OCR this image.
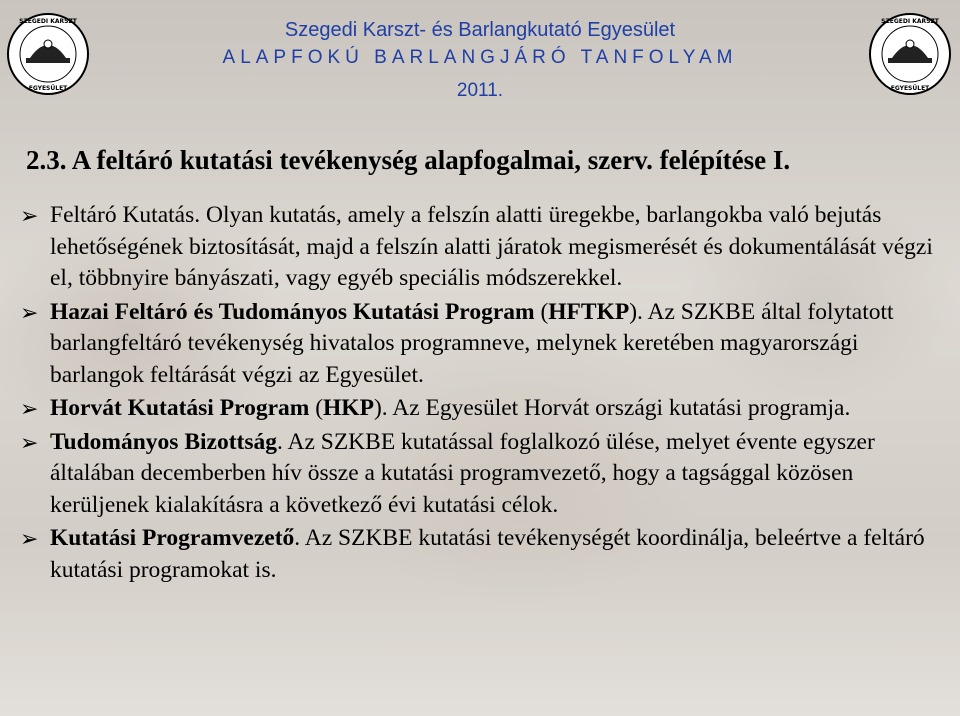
SZEGEDI KARSZT
EGYESÜLET
SZEGEDI KARSZT
EGYESÜLET
Szegedi Karszt- és Barlangkutató Egyesület
ALAPFOKÚ BARLANGJÁRÓ TANFOLYAM
2011.
2.3. A feltáró kutatási tevékenység alapfogalmai, szerv. felépítése I.
➢ Feltáró Kutatás. Olyan kutatás, amely a felszín alatti üregekbe, barlangokba való bejutás lehetőségének biztosítását, majd a felszín alatti járatok megismerését és dokumentálását végzi el, többnyire bányászati, vagy egyéb speciális módszerekkel.
➢ Hazai Feltáró és Tudományos Kutatási Program (HFTKP). Az SZKBE által folytatott barlangfeltáró tevékenység hivatalos programneve, melynek keretében magyarországi barlangok feltárását végzi az Egyesület.
➢ Horvát Kutatási Program (HKP). Az Egyesület Horvát országi kutatási programja.
➢ Tudományos Bizottság. Az SZKBE kutatással foglalkozó ülése, melyet évente egyszer általában decemberben hív össze a kutatási programvezető, hogy a tagsággal közösen kerüljenek kialakításra a következő évi kutatási célok.
➢ Kutatási Programvezető. Az SZKBE kutatási tevékenységét koordinálja, beleértve a feltáró kutatási programokat is.
